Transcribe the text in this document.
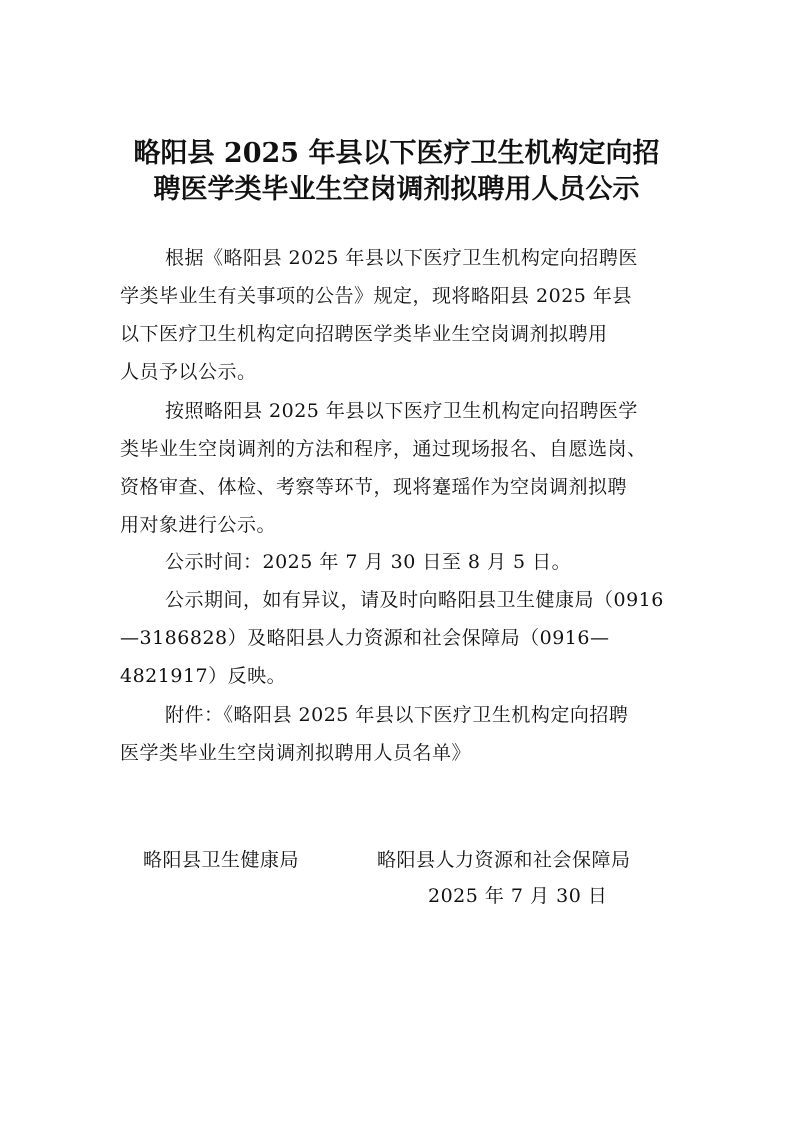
略阳县 2025 年县以下医疗卫生机构定向招
聘医学类毕业生空岗调剂拟聘用人员公示
根据《略阳县 2025 年县以下医疗卫生机构定向招聘医
学类毕业生有关事项的公告》规定，现将略阳县 2025 年县
以下医疗卫生机构定向招聘医学类毕业生空岗调剂拟聘用
人员予以公示。
按照略阳县 2025 年县以下医疗卫生机构定向招聘医学
类毕业生空岗调剂的方法和程序，通过现场报名、自愿选岗、
资格审查、体检、考察等环节，现将蹇瑶作为空岗调剂拟聘
用对象进行公示。
公示时间：2025 年 7 月 30 日至 8 月 5 日。
公示期间，如有异议，请及时向略阳县卫生健康局（0916
—3186828）及略阳县人力资源和社会保障局（0916—
4821917）反映。
附件：《略阳县 2025 年县以下医疗卫生机构定向招聘
医学类毕业生空岗调剂拟聘用人员名单》
略阳县卫生健康局	略阳县人力资源和社会保障局
2025 年 7 月 30 日
